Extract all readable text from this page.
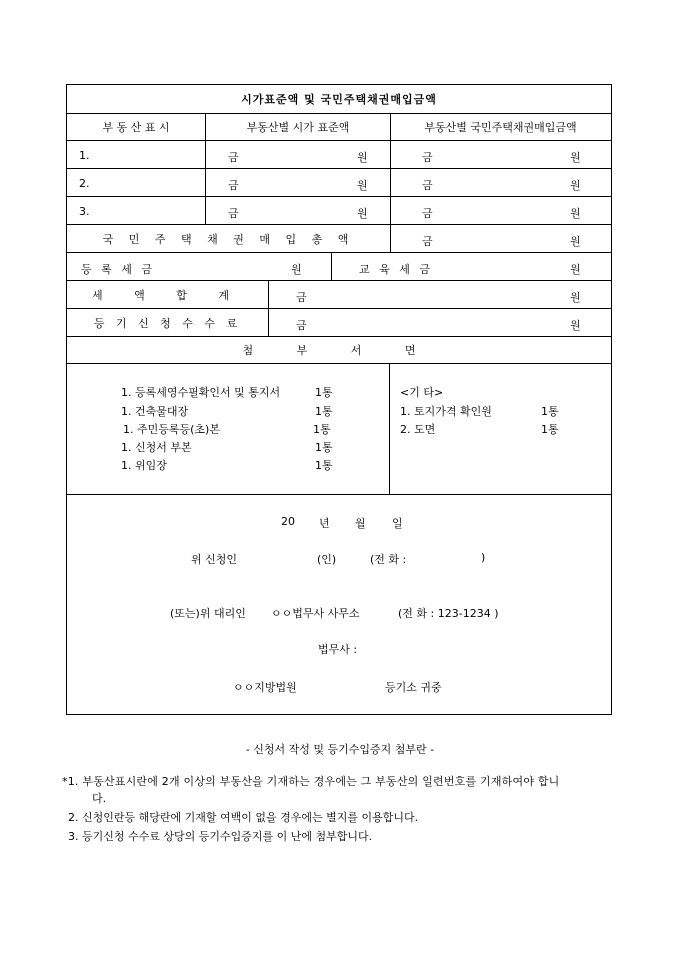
시가표준액 및 국민주택채권매입금액
부 동 산 표 시	부동산별 시가 표준액	부동산별 국민주택채권매입금액
1.	금	원	금	원
2.	금	원	금	원
3.	금	원	금	원
국 민 주 택 채 권 매 입 총 액	금	원
등 록 세 금	원	교 육 세 금	원
세 액 합 계	금	원
등 기 신 청 수 수 료	금	원
첨 부 서 면
1. 등록세영수필확인서 및 통지서	1통
1. 건축물대장	1통
1. 주민등록등(초)본	1통
1. 신청서 부본	1통
1. 위임장	1통
<기 타>
1. 토지가격 확인원	1통
2. 도면	1통
20 년 월 일
위 신청인	(인)	(전 화 :	)
(또는)위 대리인 ㅇㅇ법무사 사무소	(전 화 : 123-1234 )
법무사 :
ㅇㅇ지방법원	등기소 귀중
- 신청서 작성 및 등기수입증지 첨부란 -
*1. 부동산표시란에 2개 이상의 부동산을 기재하는 경우에는 그 부동산의 일련번호를 기재하여야 합니
다.
2. 신청인란등 해당란에 기재할 여백이 없을 경우에는 별지를 이용합니다.
3. 등기신청 수수료 상당의 등기수입증지를 이 난에 첨부합니다.
